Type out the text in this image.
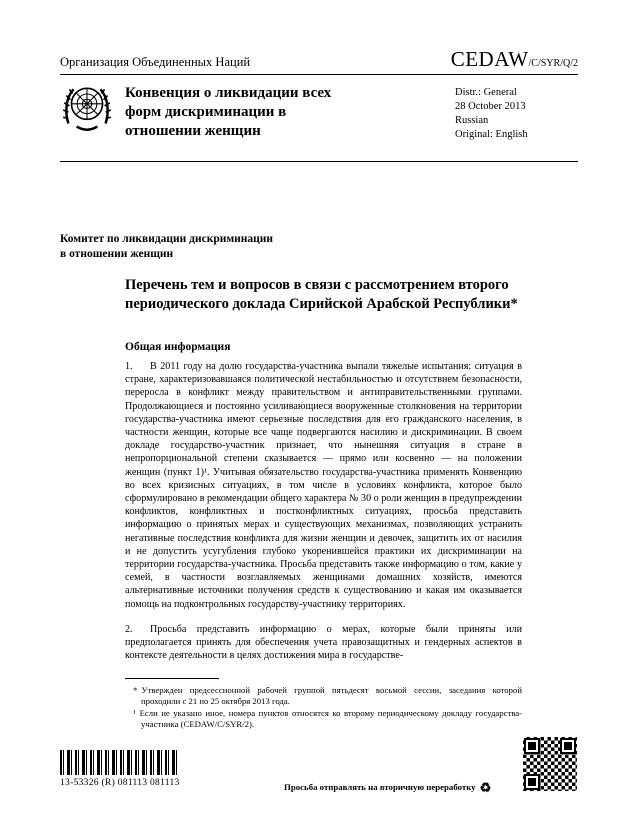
Организация Объединенных Наций	CEDAW/C/SYR/Q/2
Конвенция о ликвидации всех форм дискриминации в отношении женщин
Distr.: General
28 October 2013
Russian
Original: English
Комитет по ликвидации дискриминации
в отношении женщин
Перечень тем и вопросов в связи с рассмотрением второго периодического доклада Сирийской Арабской Республики*
Общая информация

1. В 2011 году на долю государства-участника выпали тяжелые испытания: ситуация в стране, характеризовавшаяся политической нестабильностью и отсутствием безопасности, переросла в конфликт между правительством и антиправительственными группами. Продолжающиеся и постоянно усиливающиеся вооруженные столкновения на территории государства-участника имеют серьезные последствия для его гражданского населения, в частности женщин, которые все чаще подвергаются насилию и дискриминации. В своем докладе государство-участник признает, что нынешняя ситуация в стране в непропорциональной степени сказывается — прямо или косвенно — на положении женщин (пункт 1)¹. Учитывая обязательство государства-участника применять Конвенцию во всех кризисных ситуациях, в том числе в условиях конфликта, которое было сформулировано в рекомендации общего характера № 30 о роли женщин в предупреждении конфликтов, конфликтных и постконфликтных ситуациях, просьба представить информацию о принятых мерах и существующих механизмах, позволяющих устранить негативные последствия конфликта для жизни женщин и девочек, защитить их от насилия и не допустить усугубления глубоко укоренившейся практики их дискриминации на территории государства-участника. Просьба представить также информацию о том, какие у семей, в частности возглавляемых женщинами домашних хозяйств, имеются альтернативные источники получения средств к существованию и какая им оказывается помощь на подконтрольных государству-участнику территориях.

2. Просьба представить информацию о мерах, которые были приняты или предполагается принять для обеспечения учета правозащитных и гендерных аспектов в контексте деятельности в целях достижения мира в государстве-

* Утвержден предсессионной рабочей группой пятьдесят восьмой сессии, заседания которой проходили с 21 по 25 октября 2013 года.
¹ Если не указано иное, номера пунктов относятся ко второму периодическому докладу государства-участника (CEDAW/C/SYR/2).
13-53326 (R) 081113 081113	Просьба отправлять на вторичную переработку ♻
